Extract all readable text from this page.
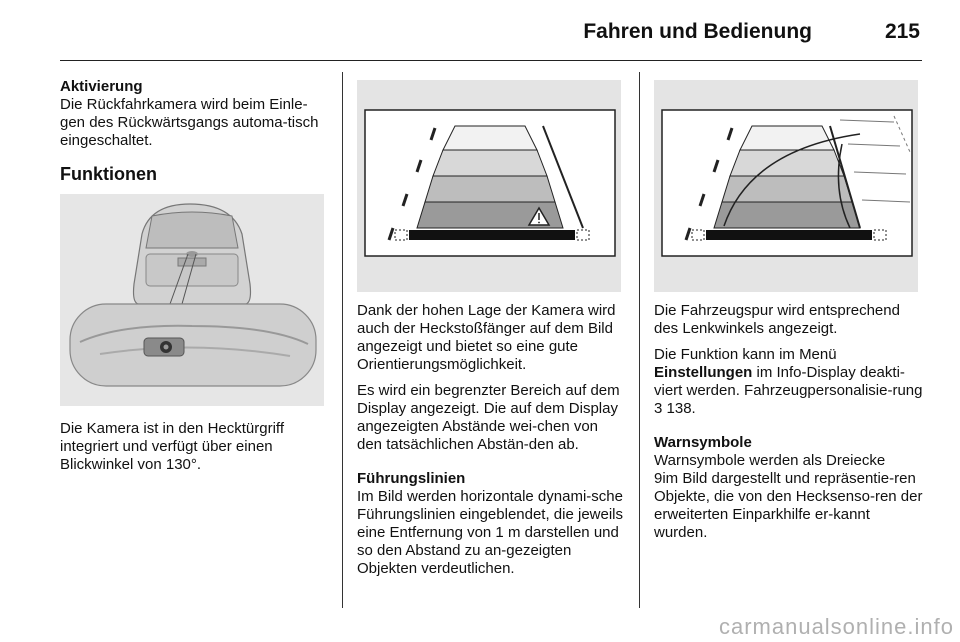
Fahren und Bedienung	215
Aktivierung

Die Rückfahrkamera wird beim Einle-gen des Rückwärtsgangs automa-tisch eingeschaltet.

Funktionen

Die Kamera ist in den Hecktürgriff integriert und verfügt über einen Blickwinkel von 130°.

Dank der hohen Lage der Kamera wird auch der Heckstoßfänger auf dem Bild angezeigt und bietet so eine gute Orientierungsmöglichkeit.

Es wird ein begrenzter Bereich auf dem Display angezeigt. Die auf dem Display angezeigten Abstände wei-chen von den tatsächlichen Abstän-den ab.

Führungslinien

Im Bild werden horizontale dynami-sche Führungslinien eingeblendet, die jeweils eine Entfernung von 1 m darstellen und so den Abstand zu an-gezeigten Objekten verdeutlichen.

Die Fahrzeugspur wird entsprechend des Lenkwinkels angezeigt.

Die Funktion kann im Menü
Einstellungen im Info-Display deakti-viert werden. Fahrzeugpersonalisie-rung 3 138.

Warnsymbole

Warnsymbole werden als Dreiecke
9im Bild dargestellt und repräsentie-ren Objekte, die von den Hecksenso-ren der erweiterten Einparkhilfe er-kannt wurden.

carmanualsonline.info
